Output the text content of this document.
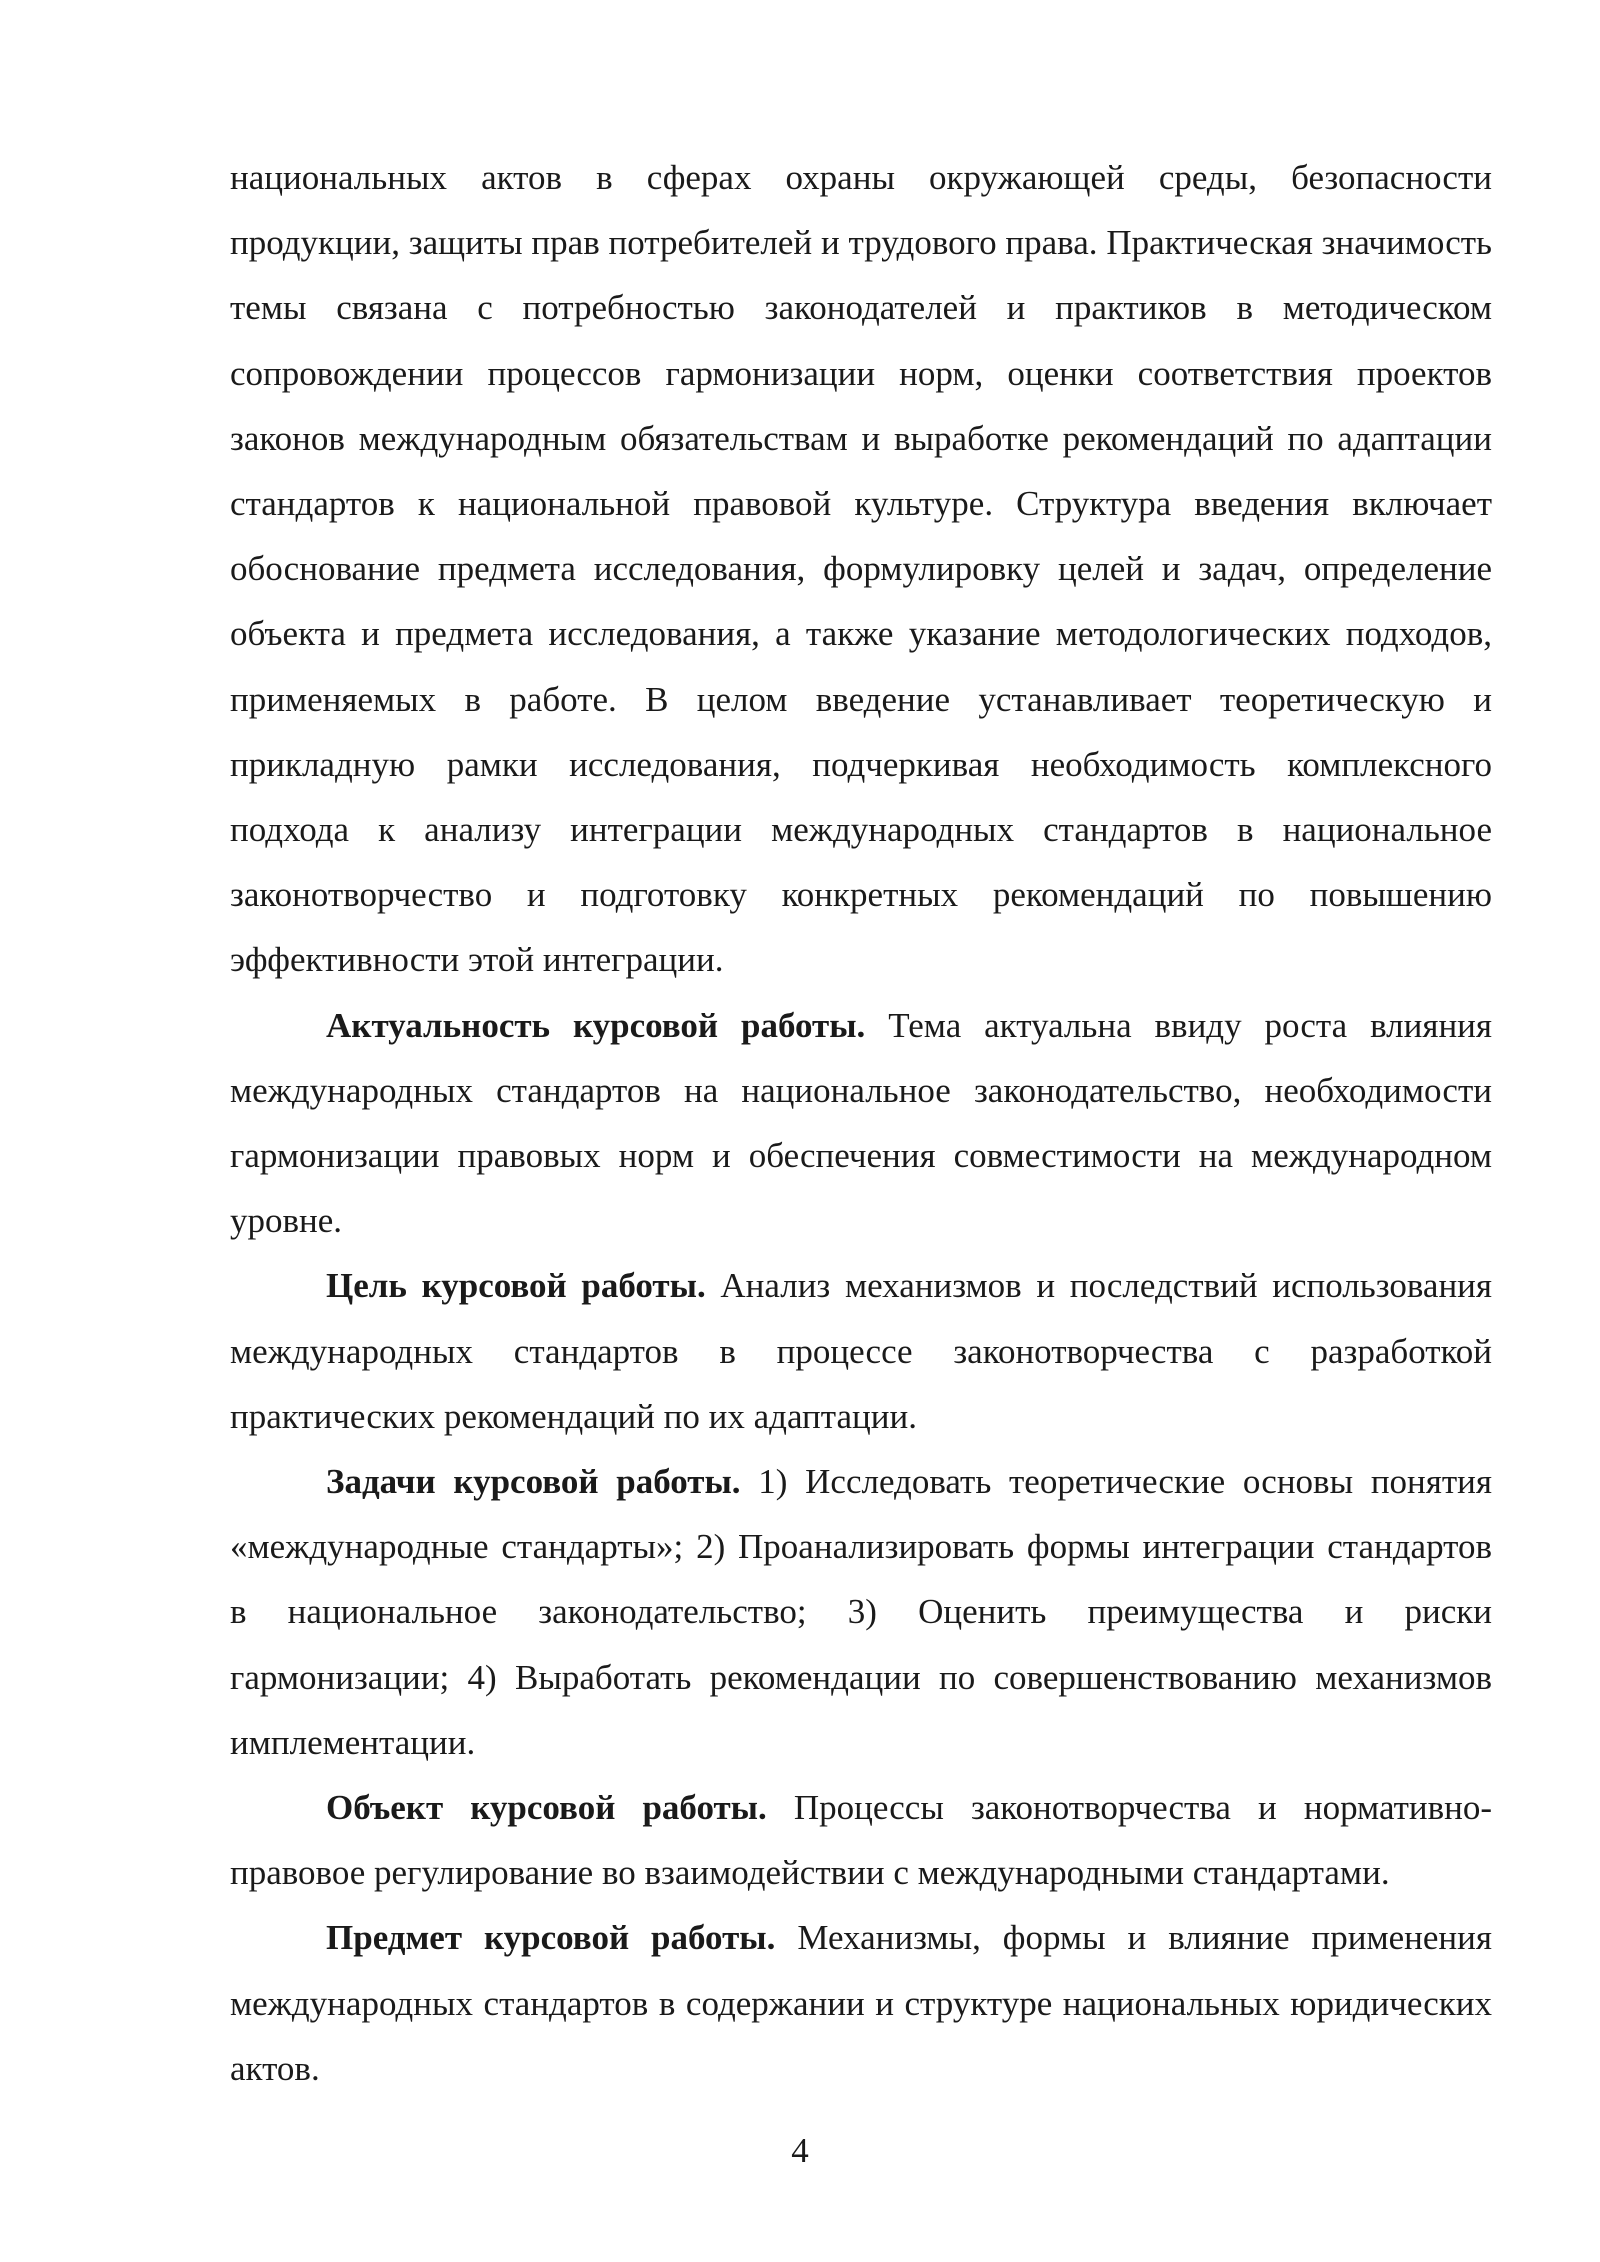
национальных актов в сферах охраны окружающей среды, безопасности продукции, защиты прав потребителей и трудового права. Практическая значимость темы связана с потребностью законодателей и практиков в методическом сопровождении процессов гармонизации норм, оценки соответствия проектов законов международным обязательствам и выработке рекомендаций по адаптации стандартов к национальной правовой культуре. Структура введения включает обоснование предмета исследования, формулировку целей и задач, определение объекта и предмета исследования, а также указание методологических подходов, применяемых в работе. В целом введение устанавливает теоретическую и прикладную рамки исследования, подчеркивая необходимость комплексного подхода к анализу интеграции международных стандартов в национальное законотворчество и подготовку конкретных рекомендаций по повышению эффективности этой интеграции.

Актуальность курсовой работы. Тема актуальна ввиду роста влияния международных стандартов на национальное законодательство, необходимости гармонизации правовых норм и обеспечения совместимости на международном уровне.

Цель курсовой работы. Анализ механизмов и последствий использования международных стандартов в процессе законотворчества с разработкой практических рекомендаций по их адаптации.

Задачи курсовой работы. 1) Исследовать теоретические основы понятия «международные стандарты»; 2) Проанализировать формы интеграции стандартов в национальное законодательство; 3) Оценить преимущества и риски гармонизации; 4) Выработать рекомендации по совершенствованию механизмов имплементации.

Объект курсовой работы. Процессы законотворчества и нормативно-правовое регулирование во взаимодействии с международными стандартами.

Предмет курсовой работы. Механизмы, формы и влияние применения международных стандартов в содержании и структуре национальных юридических актов.

4
